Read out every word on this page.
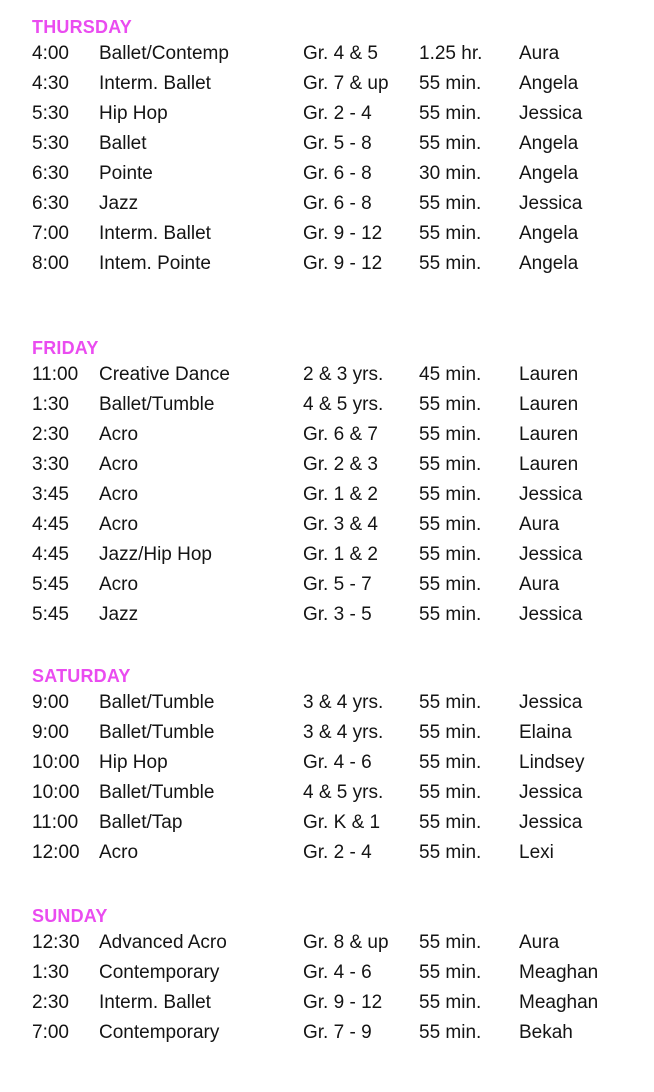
THURSDAY
4:00 Ballet/Contemp	Gr. 4 & 5 1.25 hr. Aura
4:30 Interm. Ballet	Gr. 7 & up 55 min. Angela
5:30 Hip Hop	Gr. 2 - 4 55 min. Jessica
5:30 Ballet	Gr. 5 - 8 55 min. Angela
6:30 Pointe	Gr. 6 - 8 30 min. Angela
6:30 Jazz	Gr. 6 - 8 55 min. Jessica
7:00 Interm. Ballet	Gr. 9 - 12 55 min. Angela
8:00 Intem. Pointe	Gr. 9 - 12 55 min. Angela
FRIDAY
11:00 Creative Dance	2 & 3 yrs. 45 min. Lauren
1:30 Ballet/Tumble	4 & 5 yrs. 55 min. Lauren
2:30 Acro	Gr. 6 & 7 55 min. Lauren
3:30 Acro	Gr. 2 & 3 55 min. Lauren
3:45 Acro	Gr. 1 & 2 55 min. Jessica
4:45 Acro	Gr. 3 & 4 55 min. Aura
4:45 Jazz/Hip Hop	Gr. 1 & 2 55 min. Jessica
5:45 Acro	Gr. 5 - 7 55 min. Aura
5:45 Jazz	Gr. 3 - 5 55 min. Jessica
SATURDAY
9:00 Ballet/Tumble	3 & 4 yrs. 55 min. Jessica
9:00 Ballet/Tumble	3 & 4 yrs. 55 min. Elaina
10:00 Hip Hop	Gr. 4 - 6 55 min. Lindsey
10:00 Ballet/Tumble	4 & 5 yrs. 55 min. Jessica
11:00 Ballet/Tap	Gr. K & 1 55 min. Jessica
12:00 Acro	Gr. 2 - 4 55 min. Lexi
SUNDAY
12:30 Advanced Acro	Gr. 8 & up 55 min. Aura
1:30 Contemporary	Gr. 4 - 6 55 min. Meaghan
2:30 Interm. Ballet	Gr. 9 - 12 55 min. Meaghan
7:00 Contemporary	Gr. 7 - 9 55 min. Bekah
